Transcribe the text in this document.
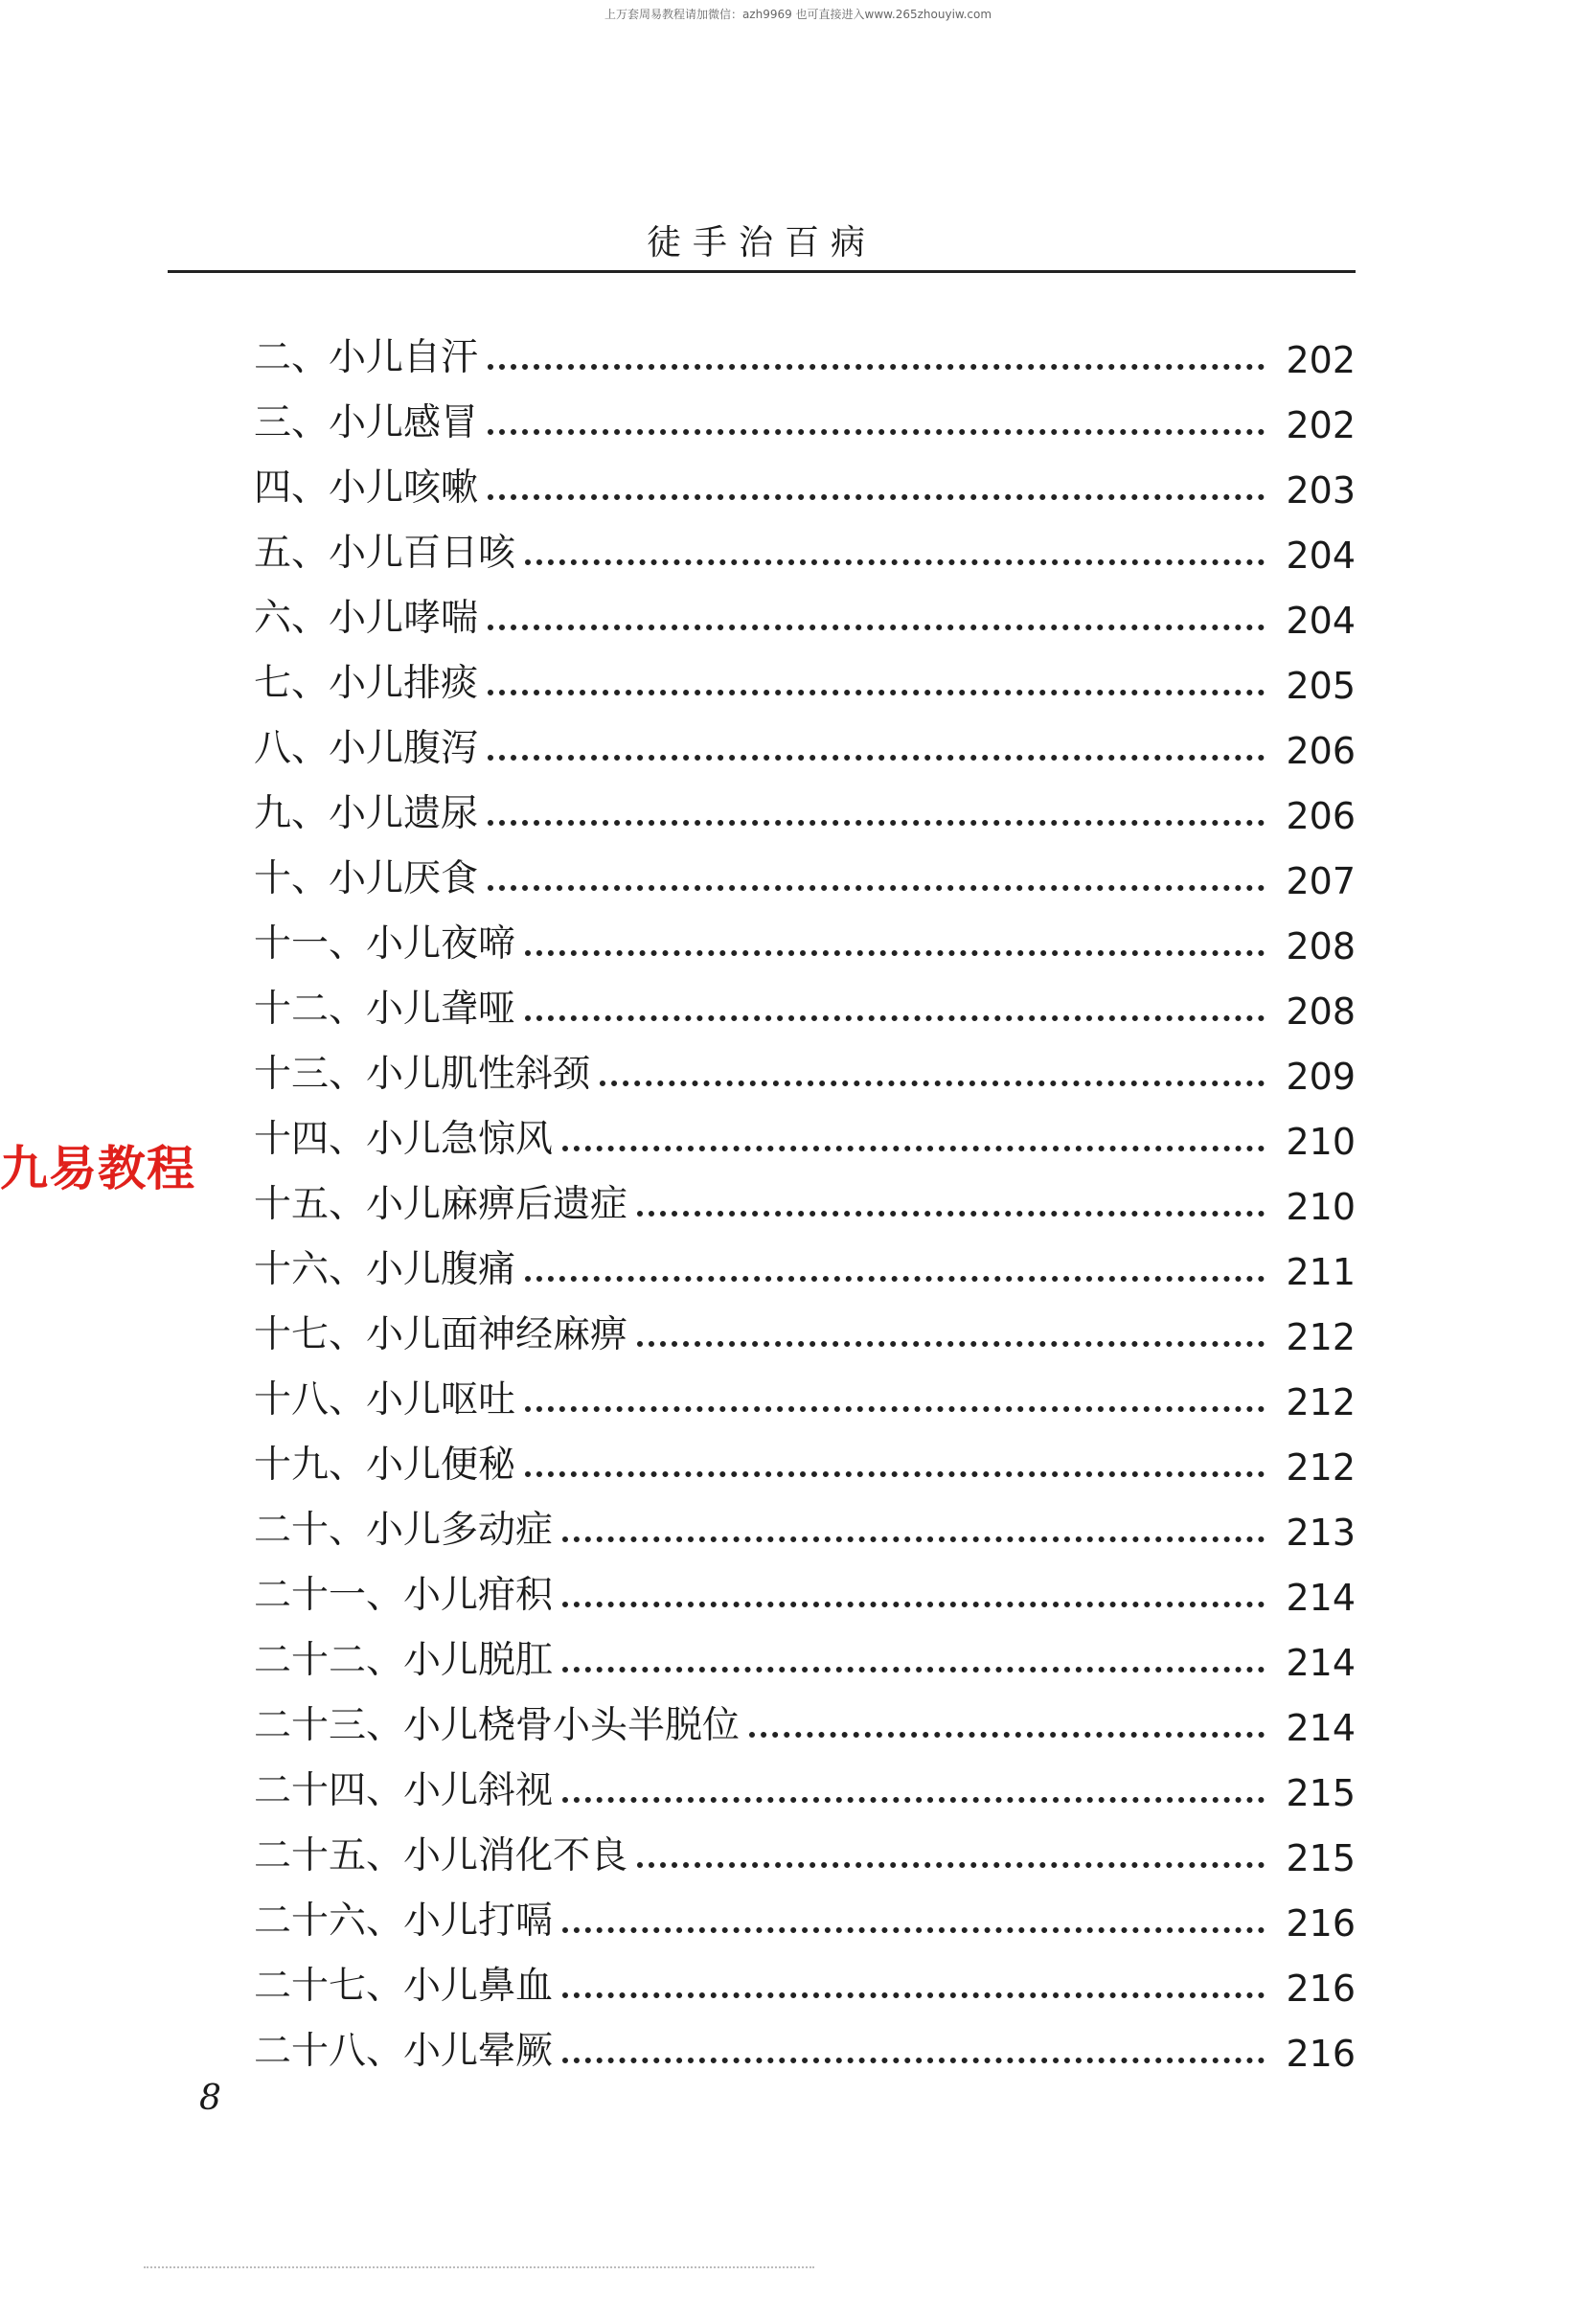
上万套周易教程请加微信：azh9969 也可直接进入www.265zhouyiw.com
徒手治百病
九易教程
二、小儿自汗	202
三、小儿感冒	202
四、小儿咳嗽	203
五、小儿百日咳	204
六、小儿哮喘	204
七、小儿排痰	205
八、小儿腹泻	206
九、小儿遗尿	206
十、小儿厌食	207
十一、小儿夜啼	208
十二、小儿聋哑	208
十三、小儿肌性斜颈	209
十四、小儿急惊风	210
十五、小儿麻痹后遗症	210
十六、小儿腹痛	211
十七、小儿面神经麻痹	212
十八、小儿呕吐	212
十九、小儿便秘	212
二十、小儿多动症	213
二十一、小儿疳积	214
二十二、小儿脱肛	214
二十三、小儿桡骨小头半脱位	214
二十四、小儿斜视	215
二十五、小儿消化不良	215
二十六、小儿打嗝	216
二十七、小儿鼻血	216
二十八、小儿晕厥	216
8
